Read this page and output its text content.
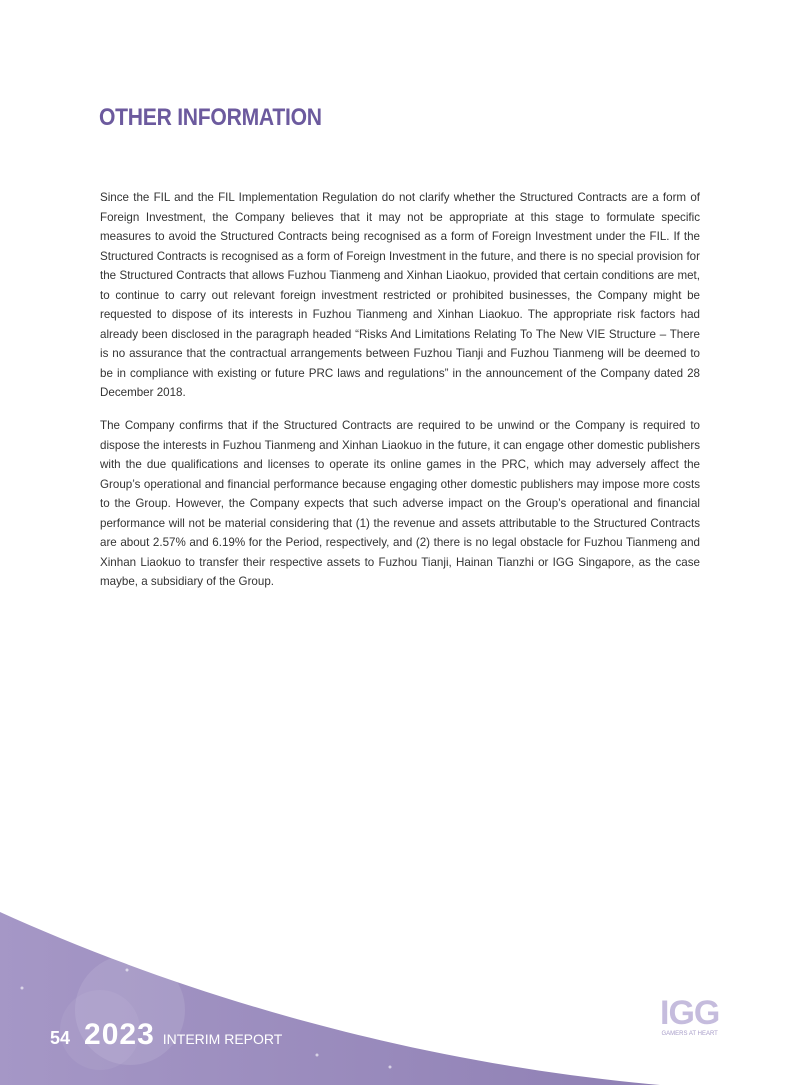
OTHER INFORMATION

Since the FIL and the FIL Implementation Regulation do not clarify whether the Structured Contracts are a form of Foreign Investment, the Company believes that it may not be appropriate at this stage to formulate specific measures to avoid the Structured Contracts being recognised as a form of Foreign Investment under the FIL. If the Structured Contracts is recognised as a form of Foreign Investment in the future, and there is no special provision for the Structured Contracts that allows Fuzhou Tianmeng and Xinhan Liaokuo, provided that certain conditions are met, to continue to carry out relevant foreign investment restricted or prohibited businesses, the Company might be requested to dispose of its interests in Fuzhou Tianmeng and Xinhan Liaokuo. The appropriate risk factors had already been disclosed in the paragraph headed “Risks And Limitations Relating To The New VIE Structure – There is no assurance that the contractual arrangements between Fuzhou Tianji and Fuzhou Tianmeng will be deemed to be in compliance with existing or future PRC laws and regulations” in the announcement of the Company dated 28 December 2018.

The Company confirms that if the Structured Contracts are required to be unwind or the Company is required to dispose the interests in Fuzhou Tianmeng and Xinhan Liaokuo in the future, it can engage other domestic publishers with the due qualifications and licenses to operate its online games in the PRC, which may adversely affect the Group’s operational and financial performance because engaging other domestic publishers may impose more costs to the Group. However, the Company expects that such adverse impact on the Group’s operational and financial performance will not be material considering that (1) the revenue and assets attributable to the Structured Contracts are about 2.57% and 6.19% for the Period, respectively, and (2) there is no legal obstacle for Fuzhou Tianmeng and Xinhan Liaokuo to transfer their respective assets to Fuzhou Tianji, Hainan Tianzhi or IGG Singapore, as the case maybe, a subsidiary of the Group.

54 2023 INTERIM REPORT
IGG
GAMERS AT HEART
